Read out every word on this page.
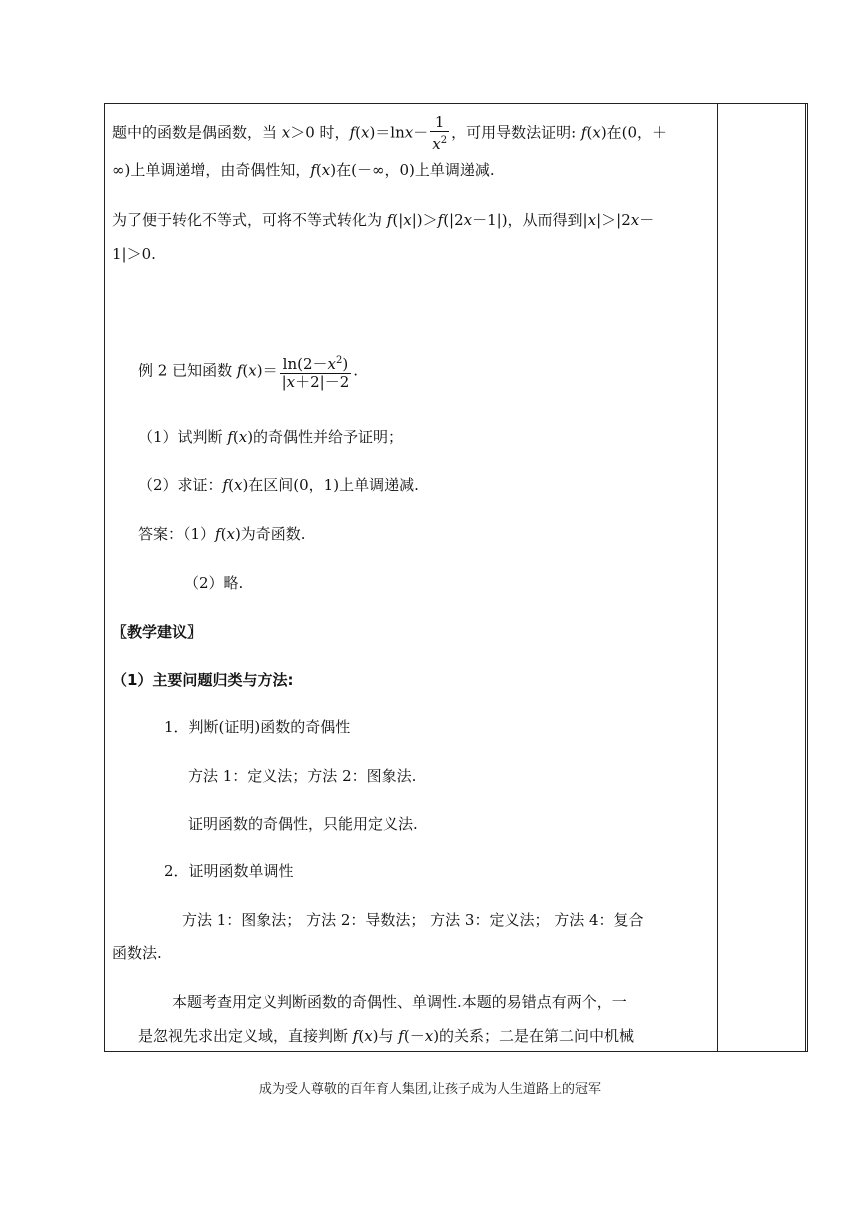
题中的函数是偶函数，当 x＞0 时，$f(x)=\ln x- \frac{1}{x^2}$ ，可用导数法证明: f(x)在(0，＋
∞)上单调递增，由奇偶性知，f(x)在(－∞，0)上单调递减.
为了便于转化不等式，可将不等式转化为 f(|x|)＞f(|2x－1|)，从而得到|x|＞|2x－
1|＞0.
例 2 已知函数 $f(x)= \frac{\ln(2-x^2)}{|x+2|-2}$ .
（1）试判断 f(x)的奇偶性并给予证明；
（2）求证：f(x)在区间(0，1)上单调递减.
答案：（1）f(x)为奇函数.
（2）略.
〖教学建议〗
（1）主要问题归类与方法:
1．判断(证明)函数的奇偶性
方法 1：定义法；方法 2：图象法.
证明函数的奇偶性，只能用定义法.
2．证明函数单调性
方法 1：图象法； 方法 2：导数法； 方法 3：定义法； 方法 4：复合
函数法.
本题考查用定义判断函数的奇偶性、单调性.本题的易错点有两个，一
是忽视先求出定义域，直接判断 f(x)与 f(－x)的关系；二是在第二问中机械
成为受人尊敬的百年育人集团,让孩子成为人生道路上的冠军
